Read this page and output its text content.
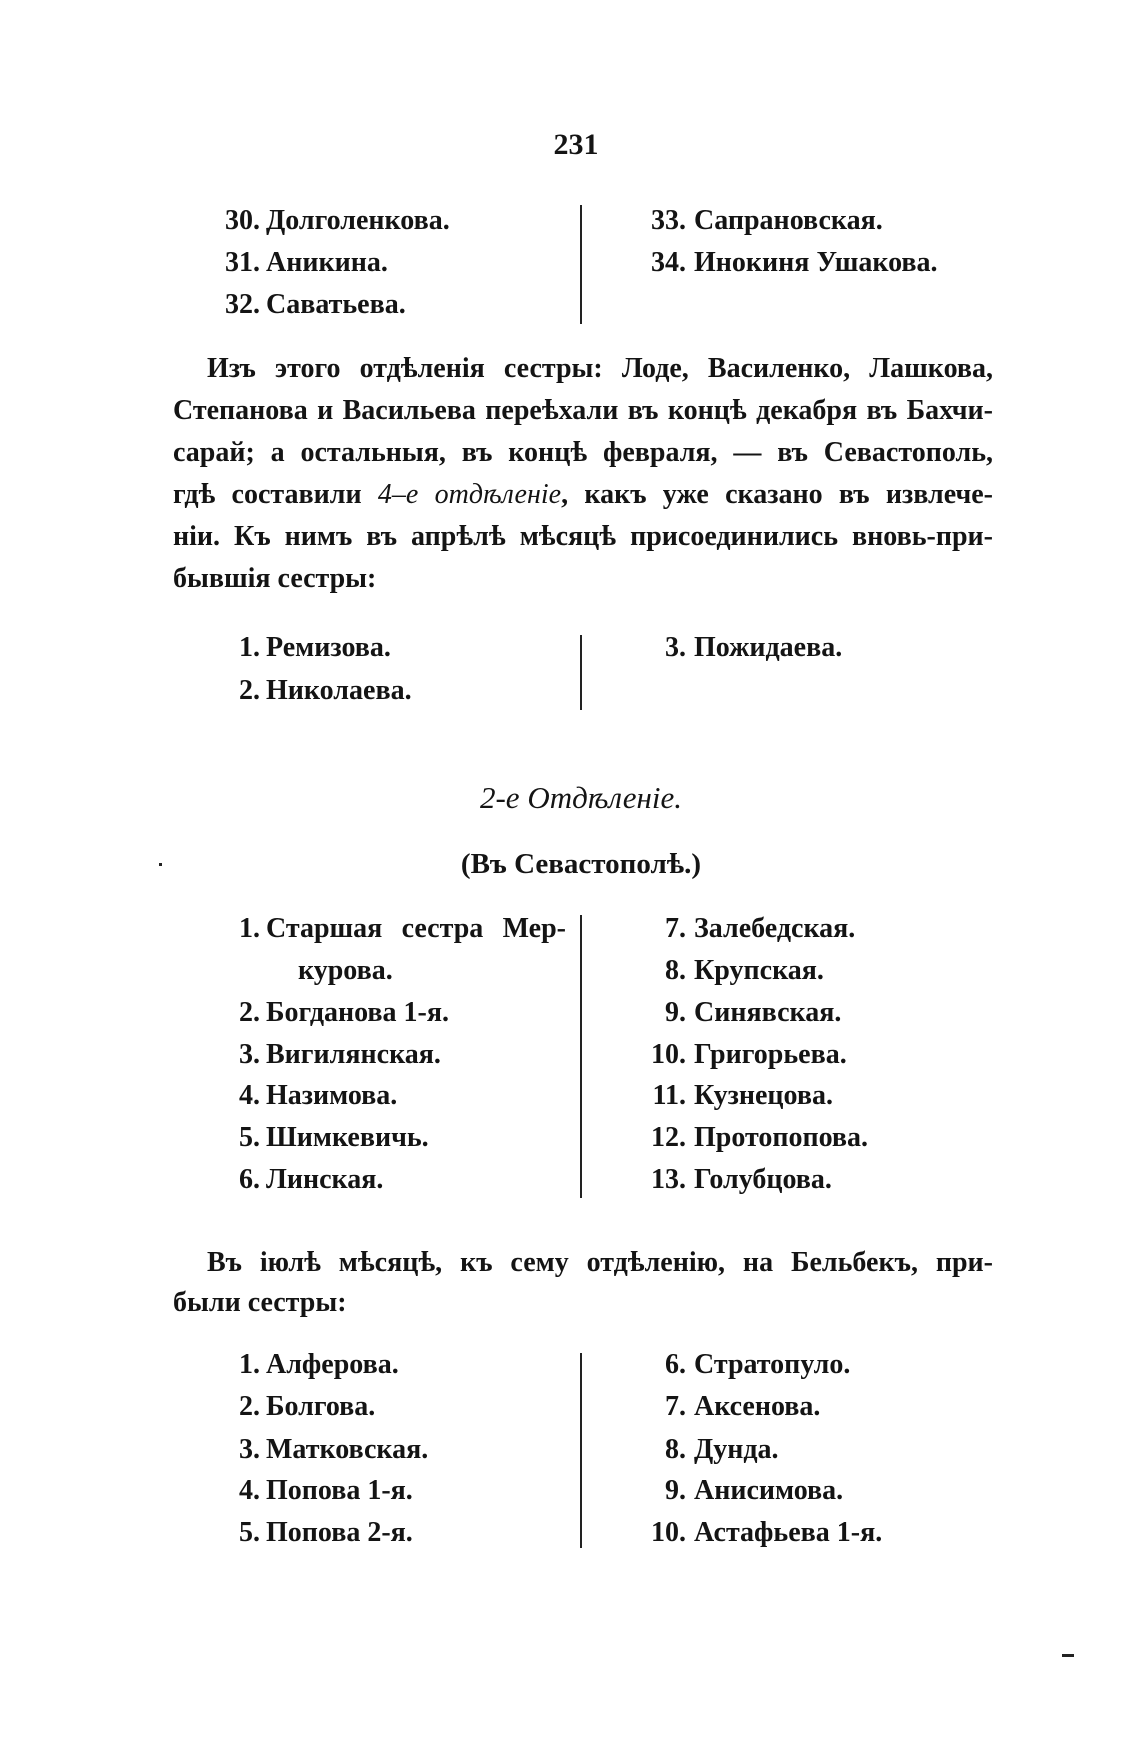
231
30. Долголенкова.
31. Аникина.
32. Саватьева.
33. Сапрановская.
34. Инокиня Ушакова.
Изъ этого отдѣленія сестры: Лоде, Василенко, Лашкова,
Степанова и Васильева переѣхали въ концѣ декабря въ Бахчи-
сарай; а остальныя, въ концѣ февраля, — въ Севастополь,
гдѣ составили 4–е отдѣленіе, какъ уже сказано въ извлече-
ніи. Къ нимъ въ апрѣлѣ мѣсяцѣ присоединились вновь-при-
бывшія сестры:
1. Ремизова.
2. Николаева.
3. Пожидаева.
2-е Отдѣленіе.
(Въ Севастополѣ.)
1. Старшая сестра Мер-
курова.
2. Богданова 1-я.
3. Вигилянская.
4. Назимова.
5. Шимкевичь.
6. Линская.
7. Залебедская.
8. Крупская.
9. Синявская.
10. Григорьева.
11. Кузнецова.
12. Протопопова.
13. Голубцова.
Въ іюлѣ мѣсяцѣ, къ сему отдѣленію, на Бельбекъ, при-
были сестры:
1. Алферова.
2. Болгова.
3. Матковская.
4. Попова 1-я.
5. Попова 2-я.
6. Стратопуло.
7. Аксенова.
8. Дунда.
9. Анисимова.
10. Астафьева 1-я.
